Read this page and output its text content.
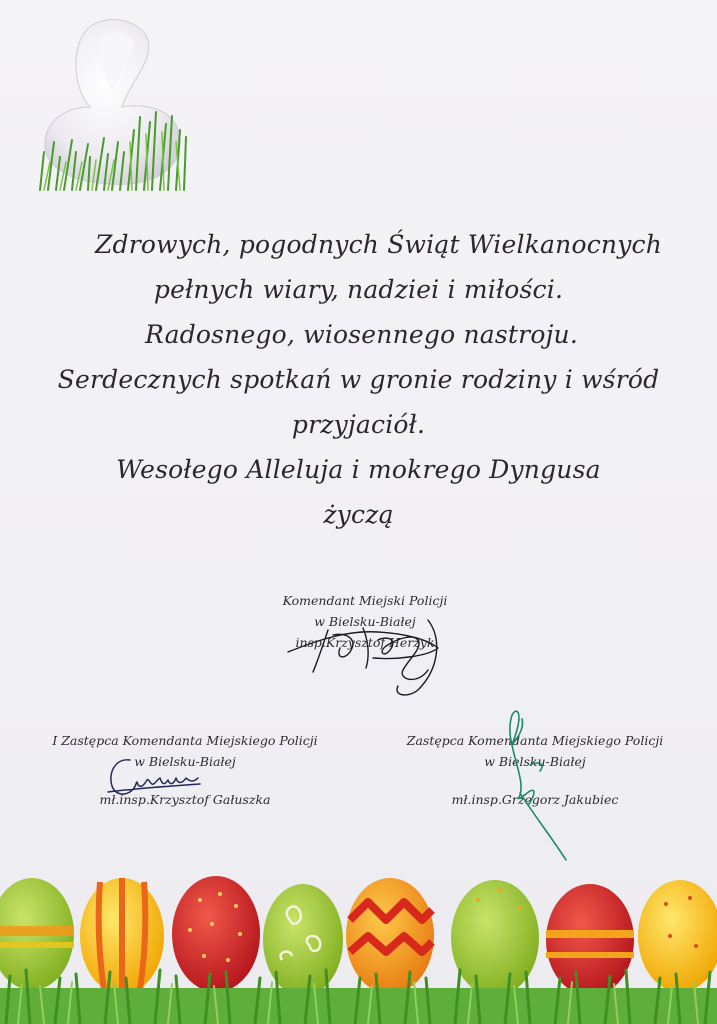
Zdrowych, pogodnych Świąt Wielkanocnych
pełnych wiary, nadziei i miłości.
Radosnego, wiosennego nastroju.
Serdecznych spotkań w gronie rodziny i wśród
przyjaciół.
Wesołego Alleluja i mokrego Dyngusa
życzą
Komendant Miejski Policji
w Bielsku-Białej
insp.Krzysztof Herzyk
I Zastępca Komendanta Miejskiego Policji
w Bielsku-Białej
mł.insp.Krzysztof Gałuszka
Zastępca Komendanta Miejskiego Policji
w Bielsku-Białej
mł.insp.Grzegorz Jakubiec
